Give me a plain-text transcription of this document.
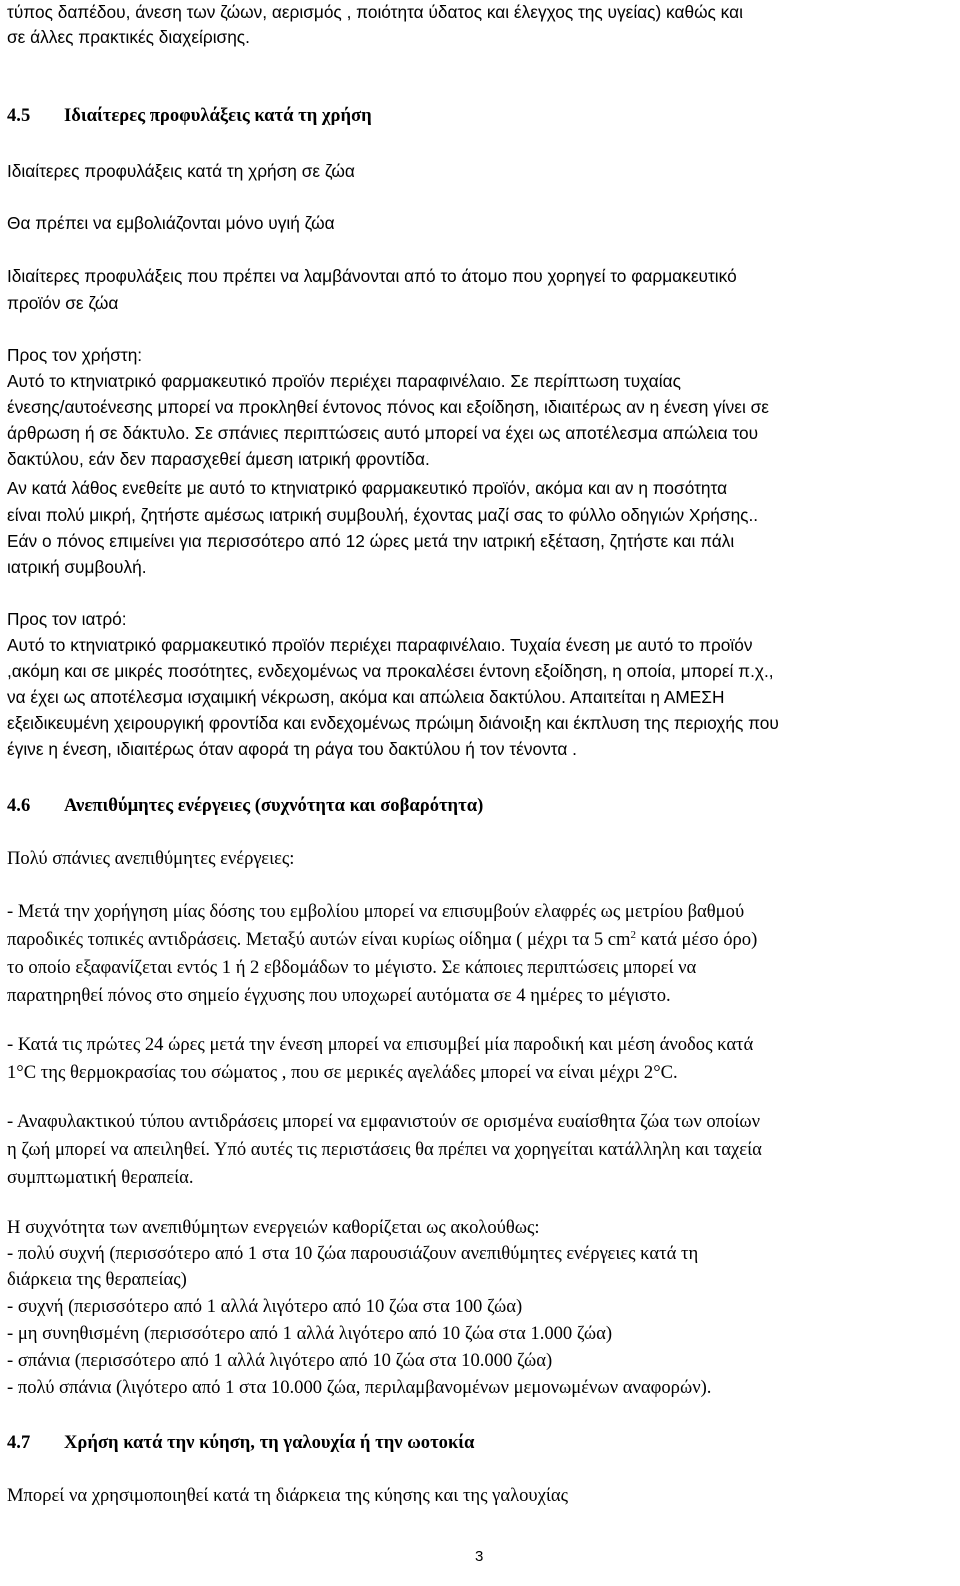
τύπος δαπέδου, άνεση των ζώων, αερισμός , ποιότητα ύδατος και έλεγχος της υγείας) καθώς και
σε άλλες πρακτικές διαχείρισης.
4.5 Ιδιαίτερες προφυλάξεις κατά τη χρήση
Ιδιαίτερες προφυλάξεις κατά τη χρήση σε ζώα
Θα πρέπει να εμβολιάζονται μόνο υγιή ζώα
Ιδιαίτερες προφυλάξεις που πρέπει να λαμβάνονται από το άτομο που χορηγεί το φαρμακευτικό
προϊόν σε ζώα
Προς τον χρήστη:
Αυτό το κτηνιατρικό φαρμακευτικό προϊόν περιέχει παραφινέλαιο. Σε περίπτωση τυχαίας
ένεσης/αυτοένεσης μπορεί να προκληθεί έντονος πόνος και εξοίδηση, ιδιαιτέρως αν η ένεση γίνει σε
άρθρωση ή σε δάκτυλο. Σε σπάνιες περιπτώσεις αυτό μπορεί να έχει ως αποτέλεσμα απώλεια του
δακτύλου, εάν δεν παρασχεθεί άμεση ιατρική φροντίδα.
Αν κατά λάθος ενεθείτε με αυτό το κτηνιατρικό φαρμακευτικό προϊόν, ακόμα και αν η ποσότητα
είναι πολύ μικρή, ζητήστε αμέσως ιατρική συμβουλή, έχοντας μαζί σας το φύλλο οδηγιών Χρήσης..
Εάν ο πόνος επιμείνει για περισσότερο από 12 ώρες μετά την ιατρική εξέταση, ζητήστε και πάλι
ιατρική συμβουλή.
Προς τον ιατρό:
Αυτό το κτηνιατρικό φαρμακευτικό προϊόν περιέχει παραφινέλαιο. Τυχαία ένεση με αυτό το προϊόν
,ακόμη και σε μικρές ποσότητες, ενδεχομένως να προκαλέσει έντονη εξοίδηση, η οποία, μπορεί π.χ.,
να έχει ως αποτέλεσμα ισχαιμική νέκρωση, ακόμα και απώλεια δακτύλου. Απαιτείται η ΑΜΕΣΗ
εξειδικευμένη χειρουργική φροντίδα και ενδεχομένως πρώιμη διάνοιξη και έκπλυση της περιοχής που
έγινε η ένεση, ιδιαιτέρως όταν αφορά τη ράγα του δακτύλου ή τον τένοντα .
4.6 Ανεπιθύμητες ενέργειες (συχνότητα και σοβαρότητα)
Πολύ σπάνιες ανεπιθύμητες ενέργειες:
- Μετά την χορήγηση μίας δόσης του εμβολίου μπορεί να επισυμβούν ελαφρές ως μετρίου βαθμού
παροδικές τοπικές αντιδράσεις. Μεταξύ αυτών είναι κυρίως οίδημα ( μέχρι τα 5 $cm^2$ κατά μέσο όρο)
το οποίο εξαφανίζεται εντός 1 ή 2 εβδομάδων το μέγιστο. Σε κάποιες περιπτώσεις μπορεί να
παρατηρηθεί πόνος στο σημείο έγχυσης που υποχωρεί αυτόματα σε 4 ημέρες το μέγιστο.
- Κατά τις πρώτες 24 ώρες μετά την ένεση μπορεί να επισυμβεί μία παροδική και μέση άνοδος κατά
1°C της θερμοκρασίας του σώματος , που σε μερικές αγελάδες μπορεί να είναι μέχρι 2°C.
- Αναφυλακτικού τύπου αντιδράσεις μπορεί να εμφανιστούν σε ορισμένα ευαίσθητα ζώα των οποίων
η ζωή μπορεί να απειληθεί. Υπό αυτές τις περιστάσεις θα πρέπει να χορηγείται κατάλληλη και ταχεία
συμπτωματική θεραπεία.
Η συχνότητα των ανεπιθύμητων ενεργειών καθορίζεται ως ακολούθως:
- πολύ συχνή (περισσότερο από 1 στα 10 ζώα παρουσιάζουν ανεπιθύμητες ενέργειες κατά τη
διάρκεια της θεραπείας)
- συχνή (περισσότερο από 1 αλλά λιγότερο από 10 ζώα στα 100 ζώα)
- μη συνηθισμένη (περισσότερο από 1 αλλά λιγότερο από 10 ζώα στα 1.000 ζώα)
- σπάνια (περισσότερο από 1 αλλά λιγότερο από 10 ζώα στα 10.000 ζώα)
- πολύ σπάνια (λιγότερο από 1 στα 10.000 ζώα, περιλαμβανομένων μεμονωμένων αναφορών).
4.7 Χρήση κατά την κύηση, τη γαλουχία ή την ωοτοκία
Μπορεί να χρησιμοποιηθεί κατά τη διάρκεια της κύησης και της γαλουχίας
3
